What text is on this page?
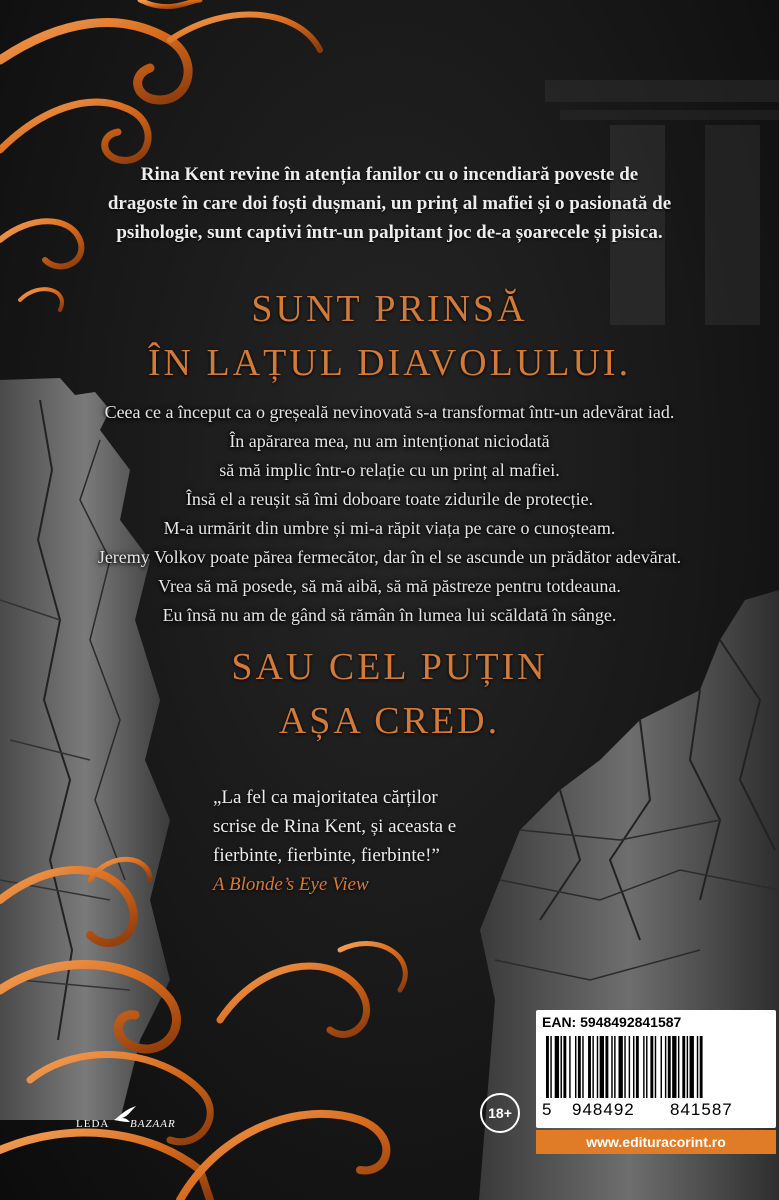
Rina Kent revine în atenția fanilor cu o incendiară poveste de
dragoste în care doi foști dușmani, un prinț al mafiei și o pasionată de
psihologie, sunt captivi într-un palpitant joc de-a șoarecele și pisica.
SUNT PRINSĂ
ÎN LAȚUL DIAVOLULUI.
Ceea ce a început ca o greșeală nevinovată s-a transformat într-un adevărat iad.
În apărarea mea, nu am intenționat niciodată
să mă implic într-o relație cu un prinț al mafiei.
Însă el a reușit să îmi doboare toate zidurile de protecție.
M-a urmărit din umbre și mi-a răpit viața pe care o cunoșteam.
Jeremy Volkov poate părea fermecător, dar în el se ascunde un prădător adevărat.
Vrea să mă posede, să mă aibă, să mă păstreze pentru totdeauna.
Eu însă nu am de gând să rămân în lumea lui scăldată în sânge.
SAU CEL PUȚIN
AȘA CRED.
„La fel ca majoritatea cărților
scrise de Rina Kent, și aceasta e
fierbinte, fierbinte, fierbinte!”
A Blonde’s Eye View
18+
LEDA BAZAAR
EAN: 5948492841587
5 948492 841587
www.edituracorint.ro
